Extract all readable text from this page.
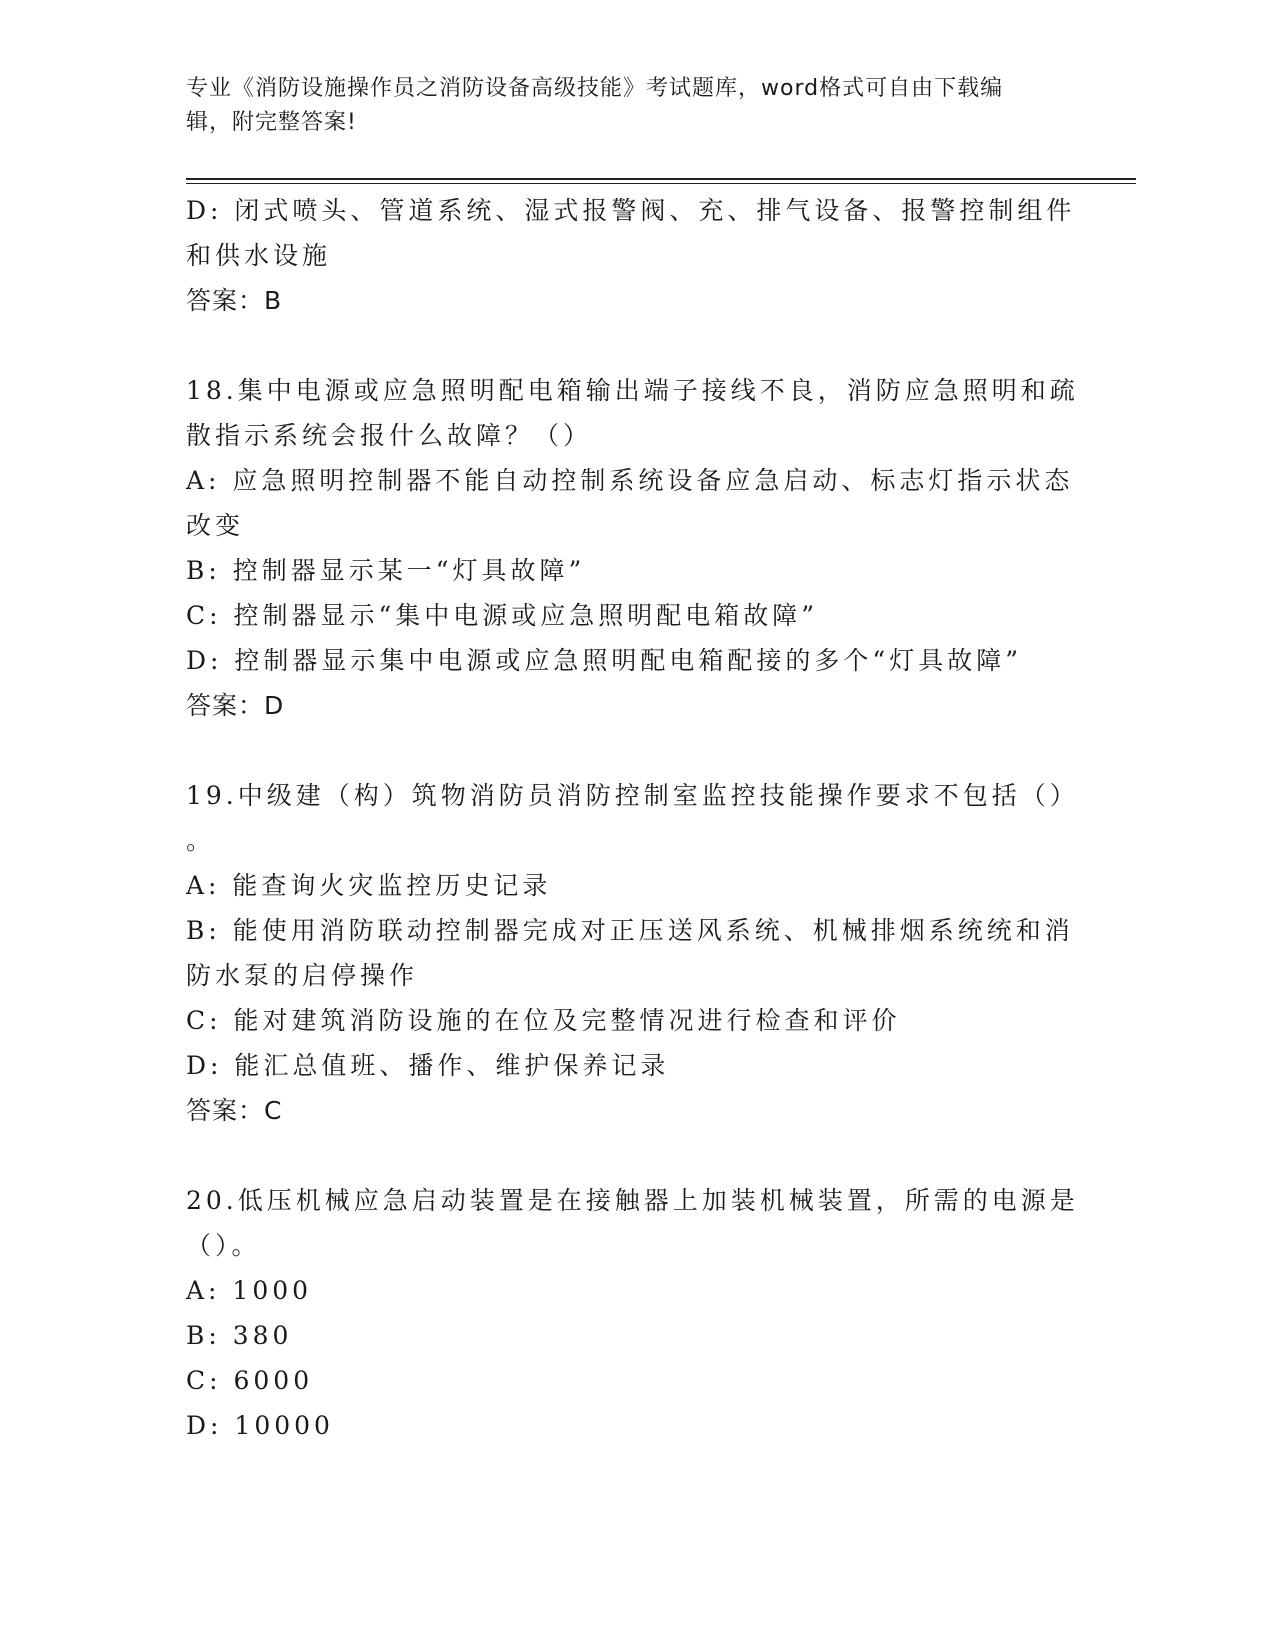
专业《消防设施操作员之消防设备高级技能》考试题库，word格式可自由下载编
辑，附完整答案!

D: 闭式喷头、管道系统、湿式报警阀、充、排气设备、报警控制组件

和供水设施

答案：B

18.集中电源或应急照明配电箱输出端子接线不良，消防应急照明和疏

散指示系统会报什么故障？（）

A: 应急照明控制器不能自动控制系统设备应急启动、标志灯指示状态

改变

B: 控制器显示某一“灯具故障”

C: 控制器显示“集中电源或应急照明配电箱故障”

D: 控制器显示集中电源或应急照明配电箱配接的多个“灯具故障”

答案：D

19.中级建（构）筑物消防员消防控制室监控技能操作要求不包括（）

。

A: 能查询火灾监控历史记录

B: 能使用消防联动控制器完成对正压送风系统、机械排烟系统统和消

防水泵的启停操作

C: 能对建筑消防设施的在位及完整情况进行检查和评价

D: 能汇总值班、播作、维护保养记录

答案：C

20.低压机械应急启动装置是在接触器上加装机械装置，所需的电源是

（）。

A: 1000

B: 380

C: 6000

D: 10000
